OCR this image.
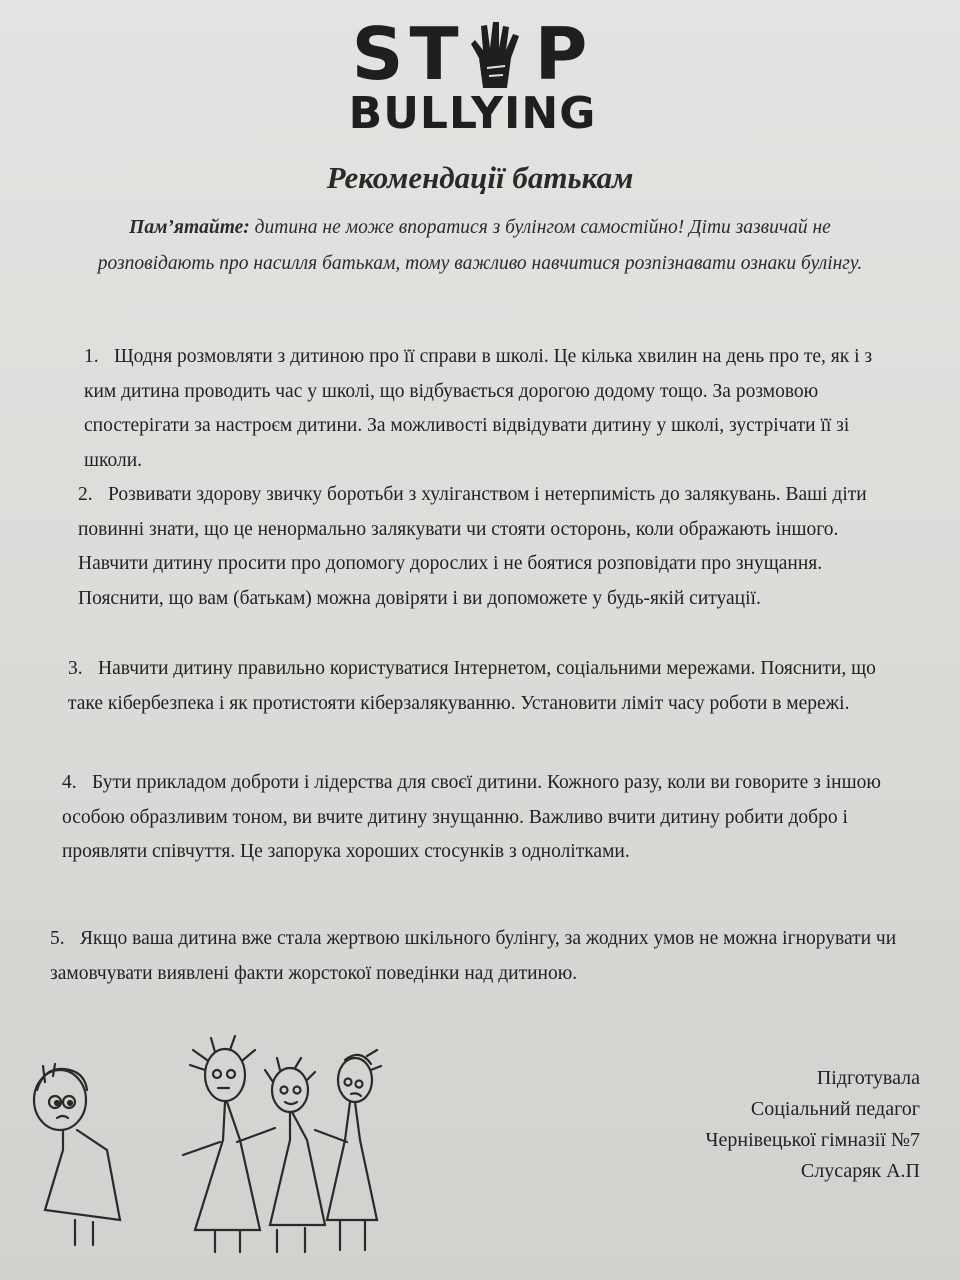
ST P
BULLYING
Рекомендації батькам
Пам’ятайте: дитина не може впоратися з булінгом самостійно! Діти зазвичай не розповідають про насилля батькам, тому важливо навчитися розпізнавати ознаки булінгу.
1. Щодня розмовляти з дитиною про її справи в школі. Це кілька хвилин на день про те, як і з ким дитина проводить час у школі, що відбувається дорогою додому тощо. За розмовою спостерігати за настроєм дитини. За можливості відвідувати дитину у школі, зустрічати її зі школи.
2. Розвивати здорову звичку боротьби з хуліганством і нетерпимість до залякувань. Ваші діти повинні знати, що це ненормально залякувати чи стояти осторонь, коли ображають іншого. Навчити дитину просити про допомогу дорослих і не боятися розповідати про знущання. Пояснити, що вам (батькам) можна довіряти і ви допоможете у будь-якій ситуації.
3. Навчити дитину правильно користуватися Інтернетом, соціальними мережами. Пояснити, що таке кібербезпека і як протистояти кіберзалякуванню. Установити ліміт часу роботи в мережі.
4. Бути прикладом доброти і лідерства для своєї дитини. Кожного разу, коли ви говорите з іншою особою образливим тоном, ви вчите дитину знущанню. Важливо вчити дитину робити добро і проявляти співчуття. Це запорука хороших стосунків з однолітками.
5. Якщо ваша дитина вже стала жертвою шкільного булінгу, за жодних умов не можна ігнорувати чи замовчувати виявлені факти жорстокої поведінки над дитиною.
Підготувала
Соціальний педагог
Чернівецької гімназії №7
Слусаряк А.П
